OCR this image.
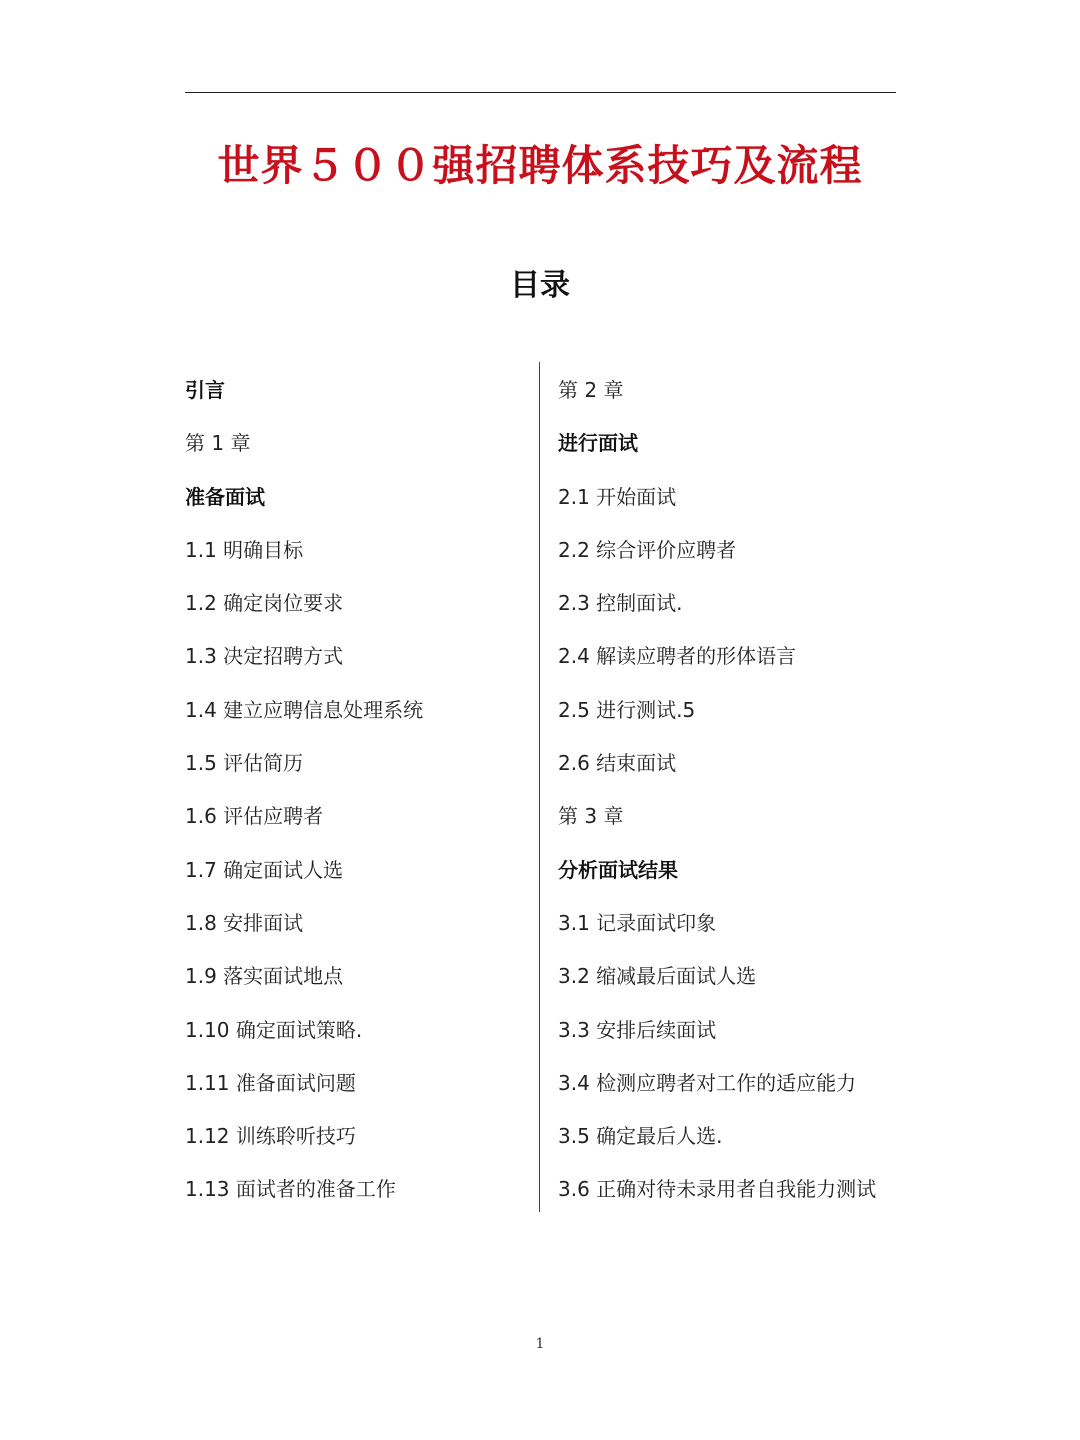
世界５００强招聘体系技巧及流程
目录
引言
第 1 章
准备面试
1.1 明确目标
1.2 确定岗位要求
1.3 决定招聘方式
1.4 建立应聘信息处理系统
1.5 评估简历
1.6 评估应聘者
1.7 确定面试人选
1.8 安排面试
1.9 落实面试地点
1.10 确定面试策略.
1.11 准备面试问题
1.12 训练聆听技巧
1.13 面试者的准备工作
第 2 章
进行面试
2.1 开始面试
2.2 综合评价应聘者
2.3 控制面试.
2.4 解读应聘者的形体语言
2.5 进行测试.5
2.6 结束面试
第 3 章
分析面试结果
3.1 记录面试印象
3.2 缩减最后面试人选
3.3 安排后续面试
3.4 检测应聘者对工作的适应能力
3.5 确定最后人选.
3.6 正确对待未录用者自我能力测试
1
